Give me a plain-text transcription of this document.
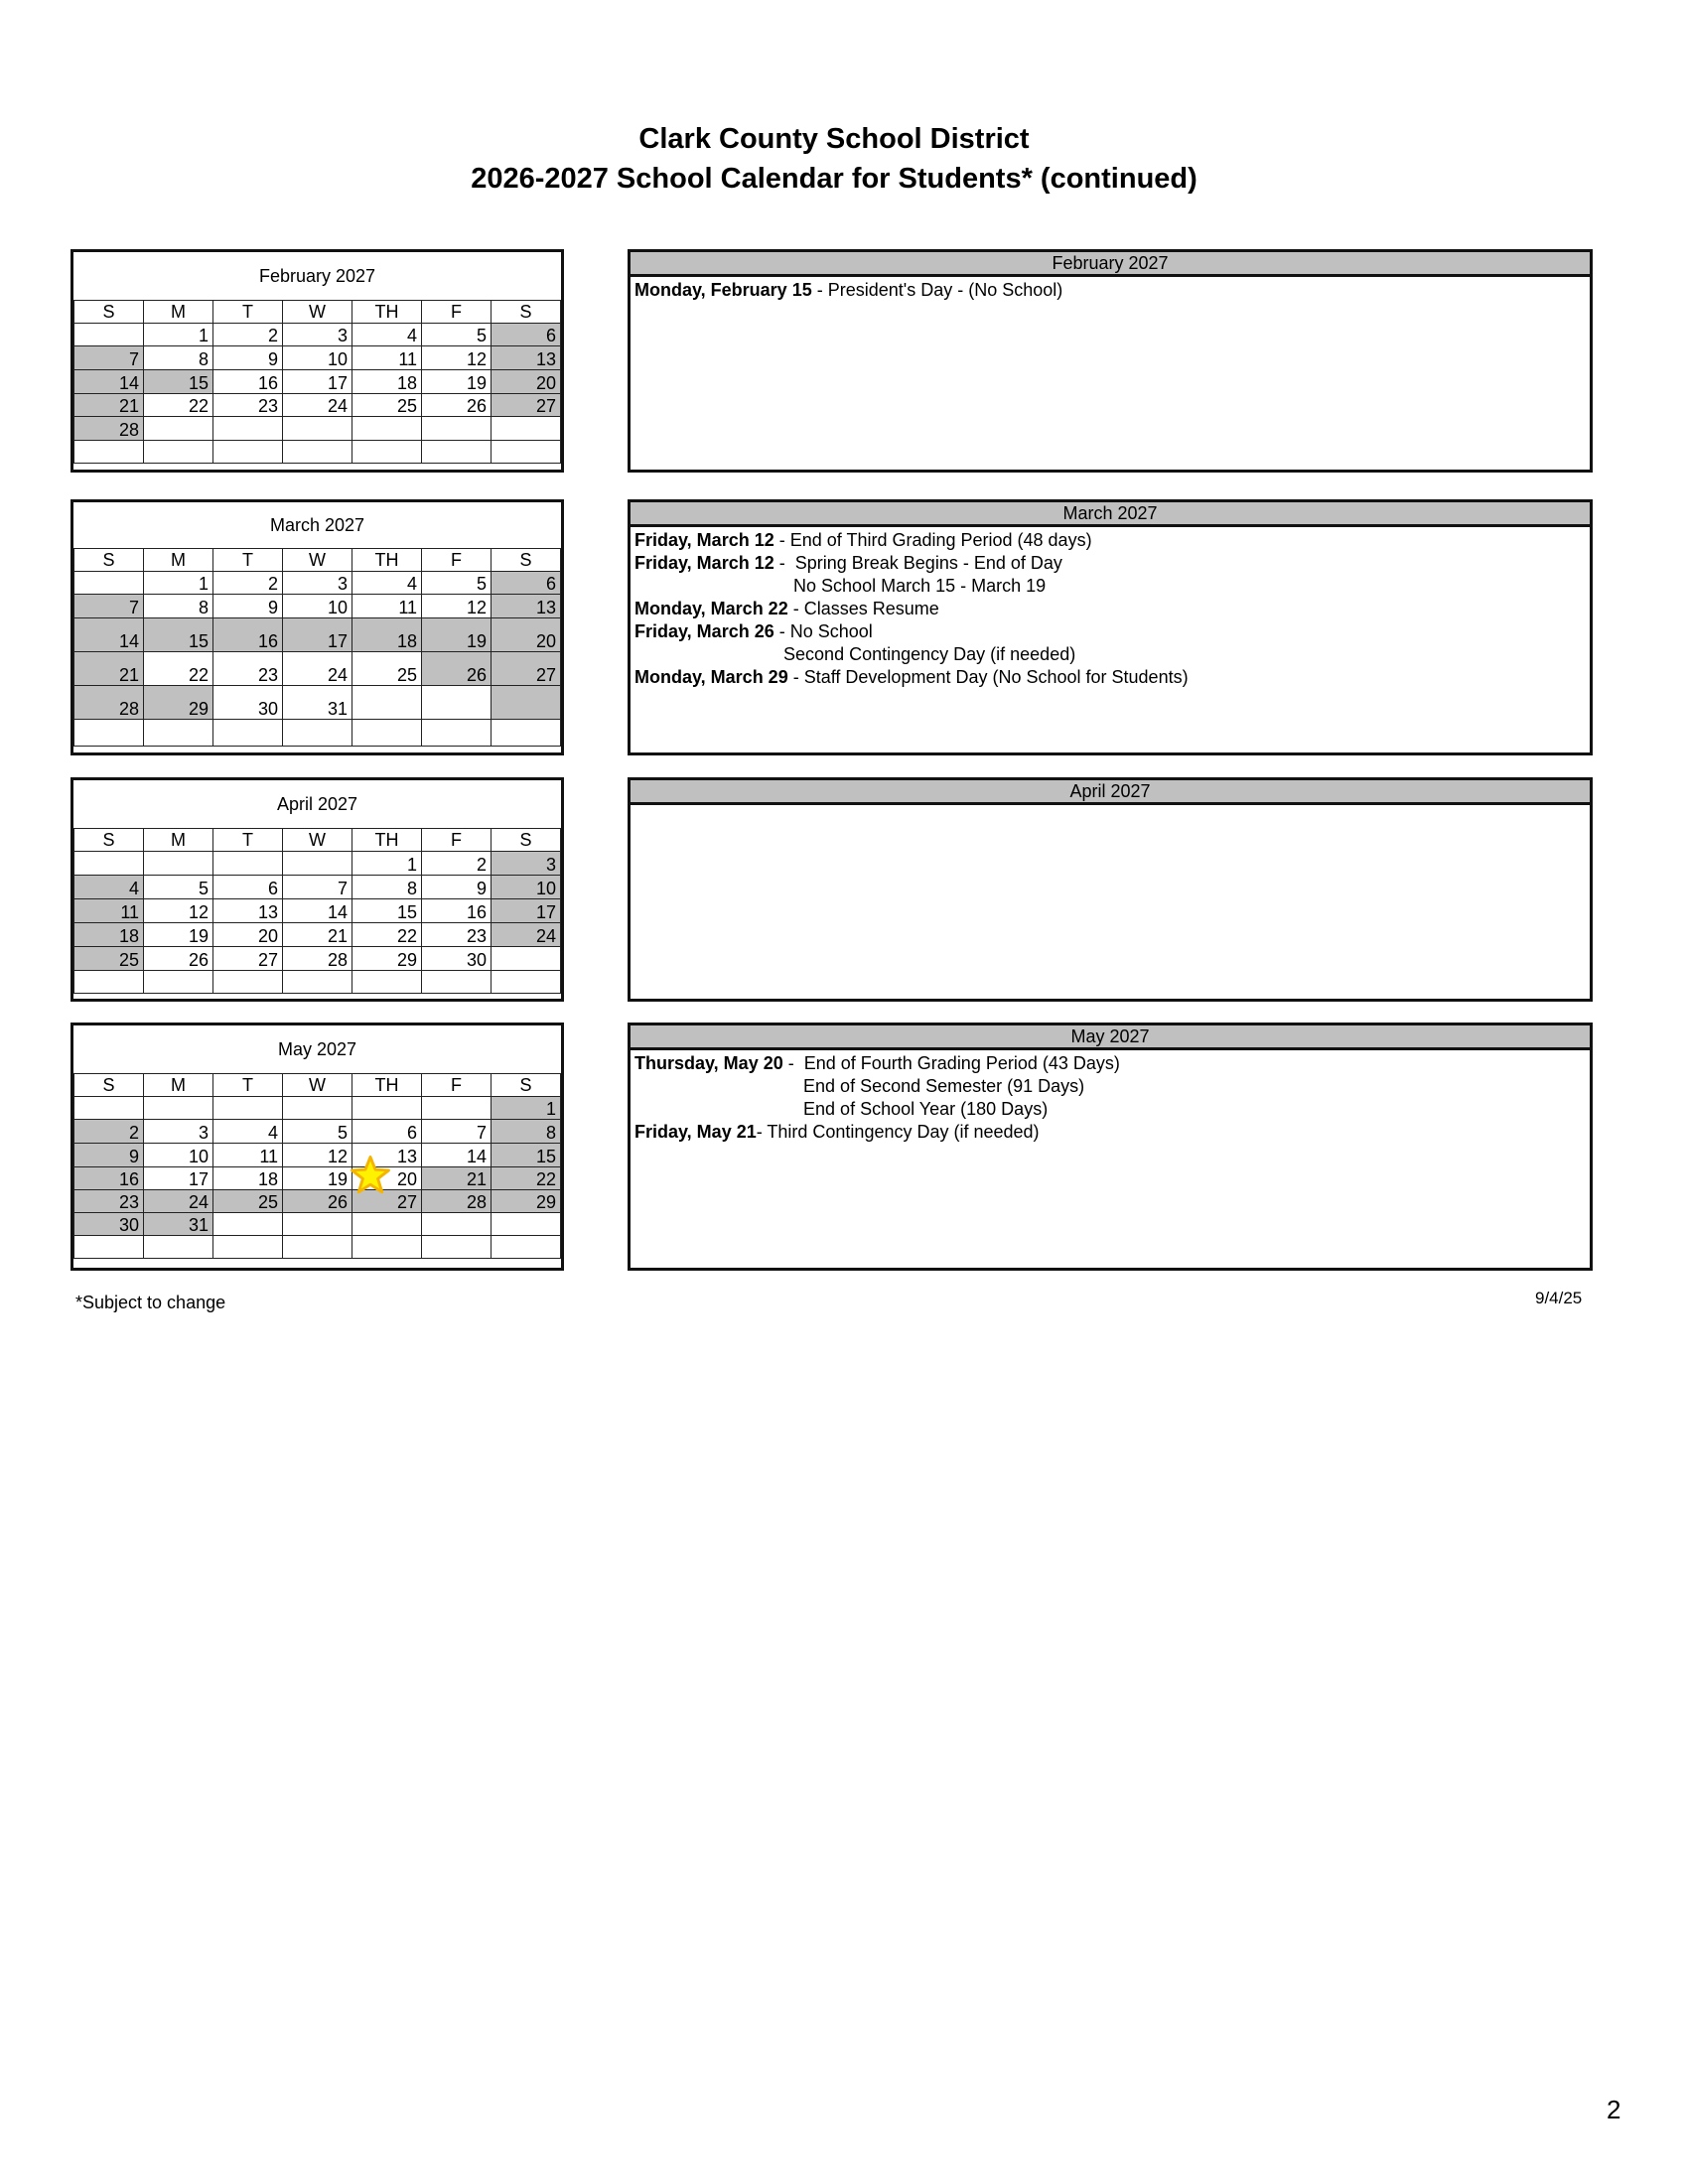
Clark County School District
2026-2027 School Calendar for Students* (continued)
February 2027						
S	M	T	W	TH	F	S
	1	2	3	4	5	6
7	8	9	10	11	12	13
14	15	16	17	18	19	20
21	22	23	24	25	26	27
28						

March 2027						
S	M	T	W	TH	F	S
	1	2	3	4	5	6
7	8	9	10	11	12	13
14	15	16	17	18	19	20
21	22	23	24	25	26	27
28	29	30	31			

April 2027						
S	M	T	W	TH	F	S
				1	2	3
4	5	6	7	8	9	10
11	12	13	14	15	16	17
18	19	20	21	22	23	24
25	26	27	28	29	30	

May 2027						
S	M	T	W	TH	F	S
						1
2	3	4	5	6	7	8
9	10	11	12	13	14	15
16	17	18	19	20	21	22
23	24	25	26	27	28	29
30	31					

February 2027
Monday, February 15 - President's Day - (No School)
March 2027
Friday, March 12 - End of Third Grading Period (48 days)
Friday, March 12 -  Spring Break Begins - End of Day
No School March 15 - March 19
Monday, March 22 - Classes Resume
Friday, March 26 - No School
Second Contingency Day (if needed)
Monday, March 29 - Staff Development Day (No School for Students)
April 2027
May 2027
Thursday, May 20 -  End of Fourth Grading Period (43 Days)
End of Second Semester (91 Days)
End of School Year (180 Days)
Friday, May 21- Third Contingency Day (if needed)
*Subject to change	9/4/25
2
